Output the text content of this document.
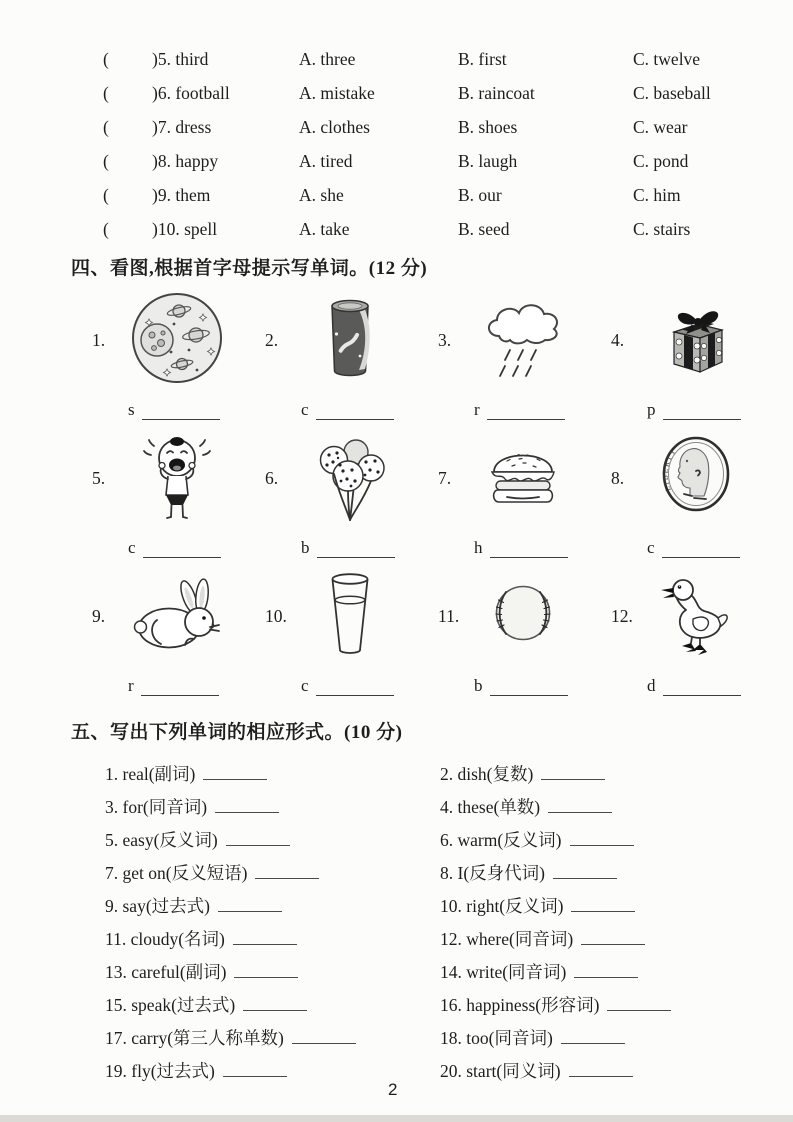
(	)5. third	A. three	B. first	C. twelve
(	)6. football	A. mistake	B. raincoat	C. baseball
(	)7. dress	A. clothes	B. shoes	C. wear
(	)8. happy	A. tired	B. laugh	C. pond
(	)9. them	A. she	B. our	C. him
(	)10. spell	A. take	B. seed	C. stairs
四、看图,根据首字母提示写单词。(12 分)
1.
s
2.
c
3.
r
4.
p
5.
c
6.
b
7.
h
8.
LIBERTY
c
9.
r
10.
c
11.
b
12.
d
五、写出下列单词的相应形式。(10 分)
1. real(副词)	2. dish(复数)
3. for(同音词)	4. these(单数)
5. easy(反义词)	6. warm(反义词)
7. get on(反义短语)	8. I(反身代词)
9. say(过去式)	10. right(反义词)
11. cloudy(名词)	12. where(同音词)
13. careful(副词)	14. write(同音词)
15. speak(过去式)	16. happiness(形容词)
17. carry(第三人称单数)	18. too(同音词)
19. fly(过去式)	20. start(同义词)
2
